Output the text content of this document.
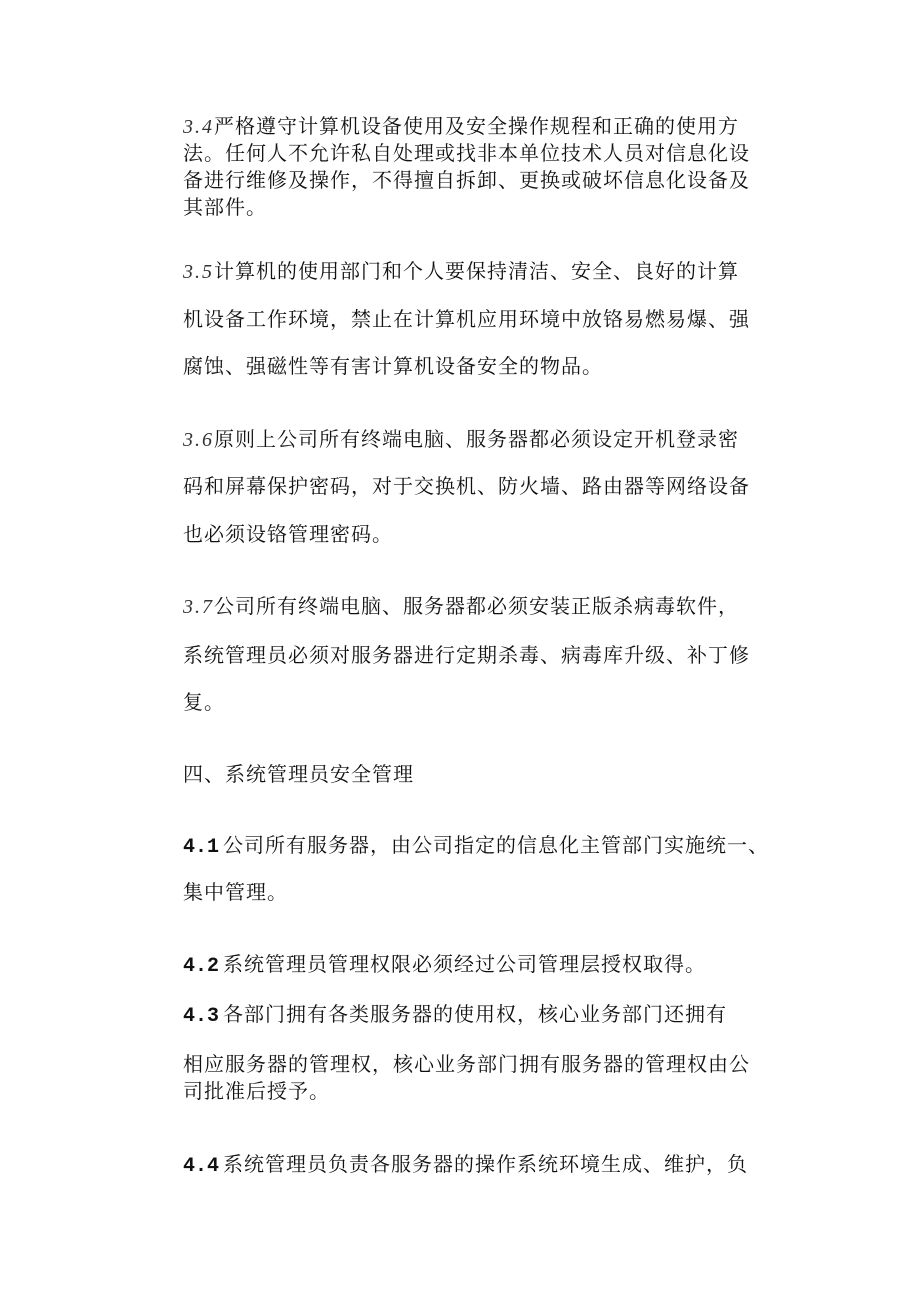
3.4严格遵守计算机设备使用及安全操作规程和正确的使用方
法。任何人不允许私自处理或找非本单位技术人员对信息化设
备进行维修及操作，不得擅自拆卸、更换或破坏信息化设备及
其部件。
3.5计算机的使用部门和个人要保持清洁、安全、良好的计算
机设备工作环境，禁止在计算机应用环境中放铬易燃易爆、强
腐蚀、强磁性等有害计算机设备安全的物品。
3.6原则上公司所有终端电脑、服务器都必须设定开机登录密
码和屏幕保护密码，对于交换机、防火墙、路由器等网络设备
也必须设铬管理密码。
3.7公司所有终端电脑、服务器都必须安装正版杀病毒软件，
系统管理员必须对服务器进行定期杀毒、病毒库升级、补丁修
复。
四、系统管理员安全管理
4.1 公司所有服务器，由公司指定的信息化主管部门实施统一、
集中管理。
4.2 系统管理员管理权限必须经过公司管理层授权取得。
4.3 各部门拥有各类服务器的使用权，核心业务部门还拥有
相应服务器的管理权，核心业务部门拥有服务器的管理权由公
司批准后授予。
4.4 系统管理员负责各服务器的操作系统环境生成、维护，负
